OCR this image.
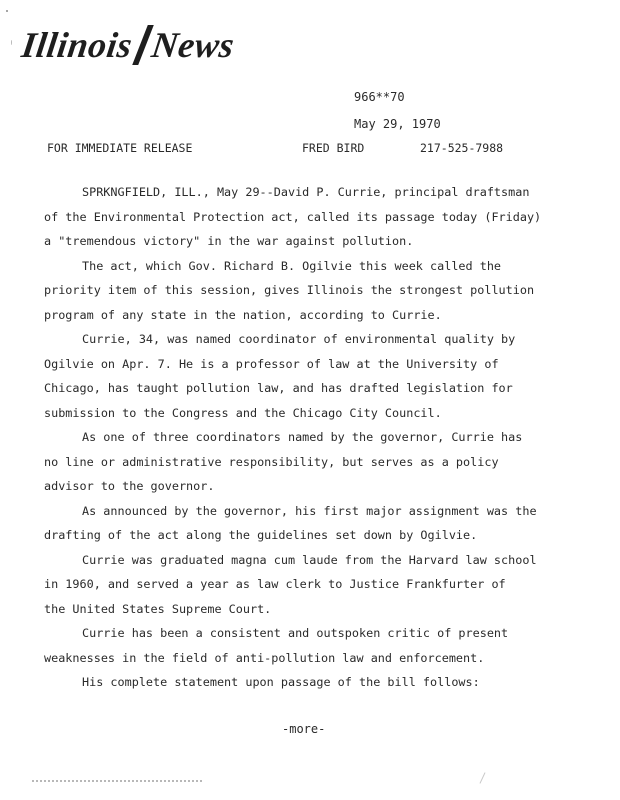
Illinois News
966**70
May 29, 1970
FOR IMMEDIATE RELEASE	FRED BIRD	217-525-7988
SPRKNGFIELD, ILL., May 29--David P. Currie, principal draftsman
of the Environmental Protection act, called its passage today (Friday)
a "tremendous victory" in the war against pollution.
The act, which Gov. Richard B. Ogilvie this week called the
priority item of this session, gives Illinois the strongest pollution
program of any state in the nation, according to Currie.
Currie, 34, was named coordinator of environmental quality by
Ogilvie on Apr. 7. He is a professor of law at the University of
Chicago, has taught pollution law, and has drafted legislation for
submission to the Congress and the Chicago City Council.
As one of three coordinators named by the governor, Currie has
no line or administrative responsibility, but serves as a policy
advisor to the governor.
As announced by the governor, his first major assignment was the
drafting of the act along the guidelines set down by Ogilvie.
Currie was graduated magna cum laude from the Harvard law school
in 1960, and served a year as law clerk to Justice Frankfurter of
the United States Supreme Court.
Currie has been a consistent and outspoken critic of present
weaknesses in the field of anti-pollution law and enforcement.
His complete statement upon passage of the bill follows:
-more-
